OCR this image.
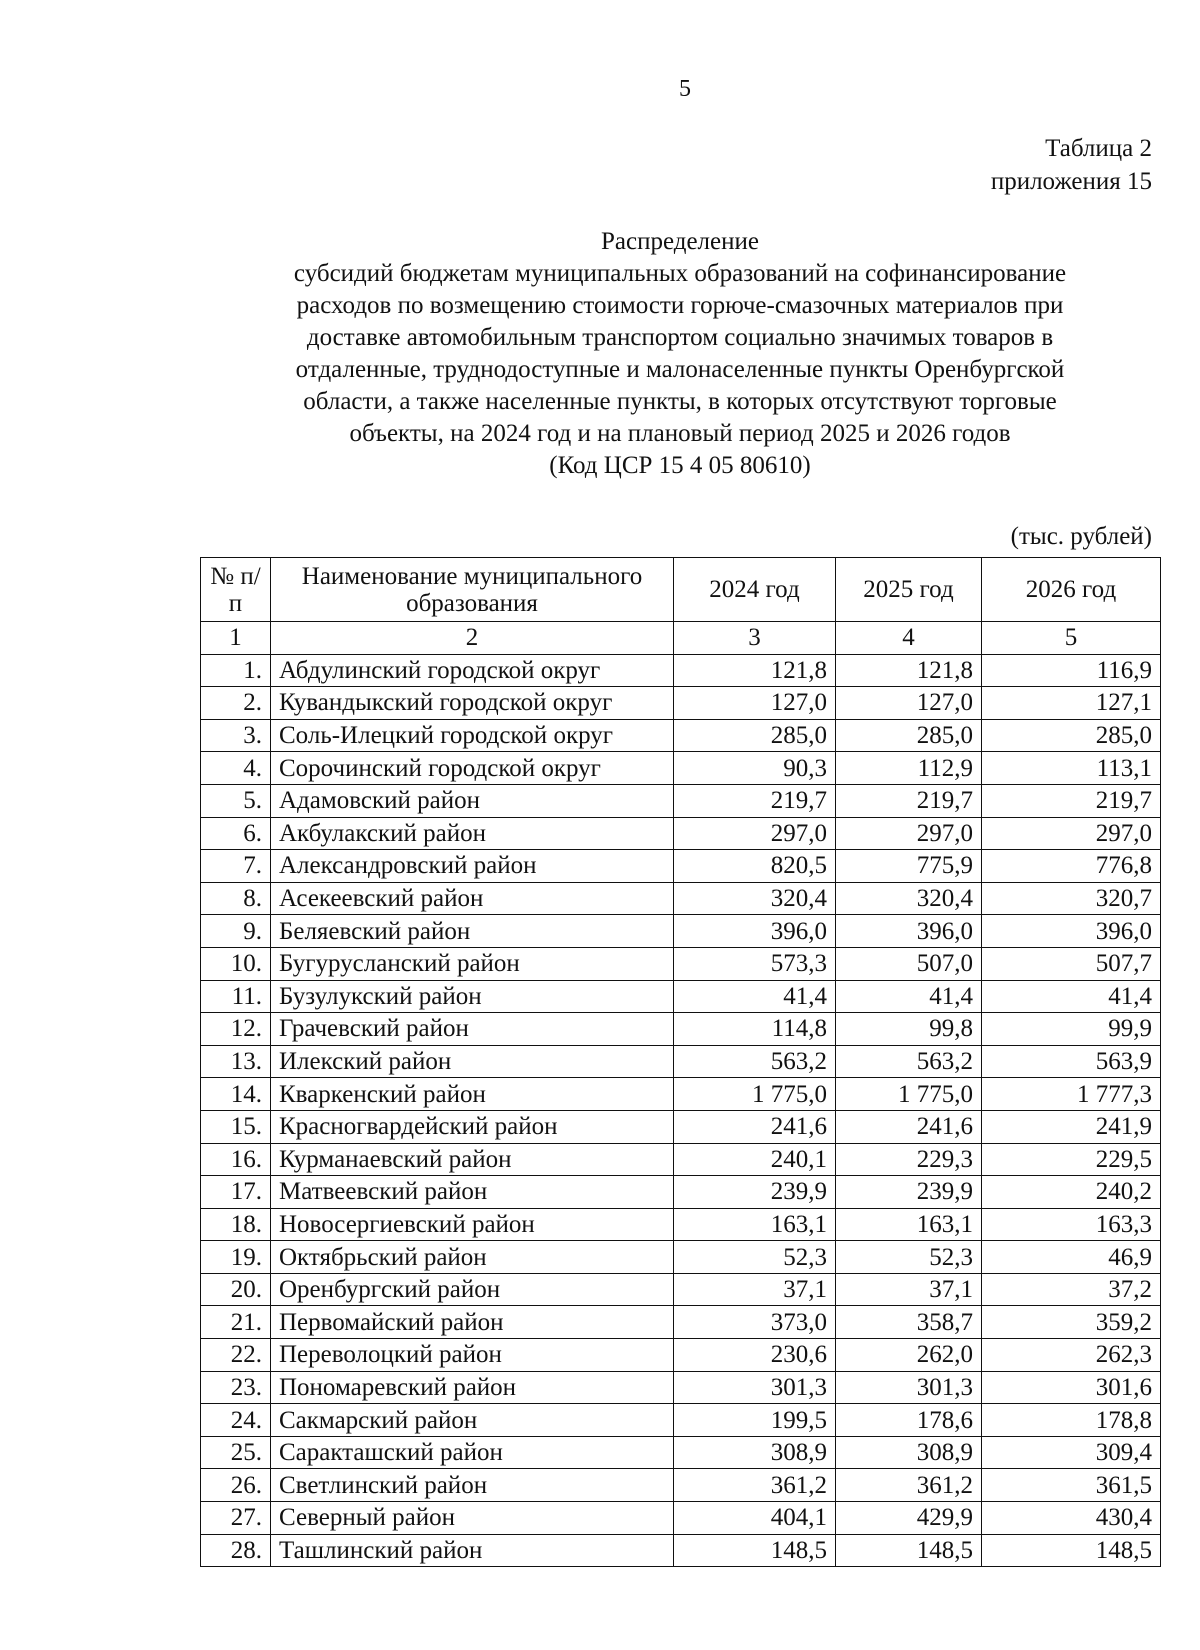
5
Таблица 2
приложения 15
Распределение
субсидий бюджетам муниципальных образований на софинансирование
расходов по возмещению стоимости горюче-смазочных материалов при
доставке автомобильным транспортом социально значимых товаров в
отдаленные, труднодоступные и малонаселенные пункты Оренбургской
области, а также населенные пункты, в которых отсутствуют торговые
объекты, на 2024 год и на плановый период 2025 и 2026 годов
(Код ЦСР 15 4 05 80610)
(тыс. рублей)
№ п/п	Наименование муниципального образования	2024 год	2025 год	2026 год
1	2	3	4	5
1.	Абдулинский городской округ	121,8	121,8	116,9
2.	Кувандыкский городской округ	127,0	127,0	127,1
3.	Соль-Илецкий городской округ	285,0	285,0	285,0
4.	Сорочинский городской округ	90,3	112,9	113,1
5.	Адамовский район	219,7	219,7	219,7
6.	Акбулакский район	297,0	297,0	297,0
7.	Александровский район	820,5	775,9	776,8
8.	Асекеевский район	320,4	320,4	320,7
9.	Беляевский район	396,0	396,0	396,0
10.	Бугурусланский район	573,3	507,0	507,7
11.	Бузулукский район	41,4	41,4	41,4
12.	Грачевский район	114,8	99,8	99,9
13.	Илекский район	563,2	563,2	563,9
14.	Кваркенский район	1 775,0	1 775,0	1 777,3
15.	Красногвардейский район	241,6	241,6	241,9
16.	Курманаевский район	240,1	229,3	229,5
17.	Матвеевский район	239,9	239,9	240,2
18.	Новосергиевский район	163,1	163,1	163,3
19.	Октябрьский район	52,3	52,3	46,9
20.	Оренбургский район	37,1	37,1	37,2
21.	Первомайский район	373,0	358,7	359,2
22.	Переволоцкий район	230,6	262,0	262,3
23.	Пономаревский район	301,3	301,3	301,6
24.	Сакмарский район	199,5	178,6	178,8
25.	Саракташский район	308,9	308,9	309,4
26.	Светлинский район	361,2	361,2	361,5
27.	Северный район	404,1	429,9	430,4
28.	Ташлинский район	148,5	148,5	148,5
